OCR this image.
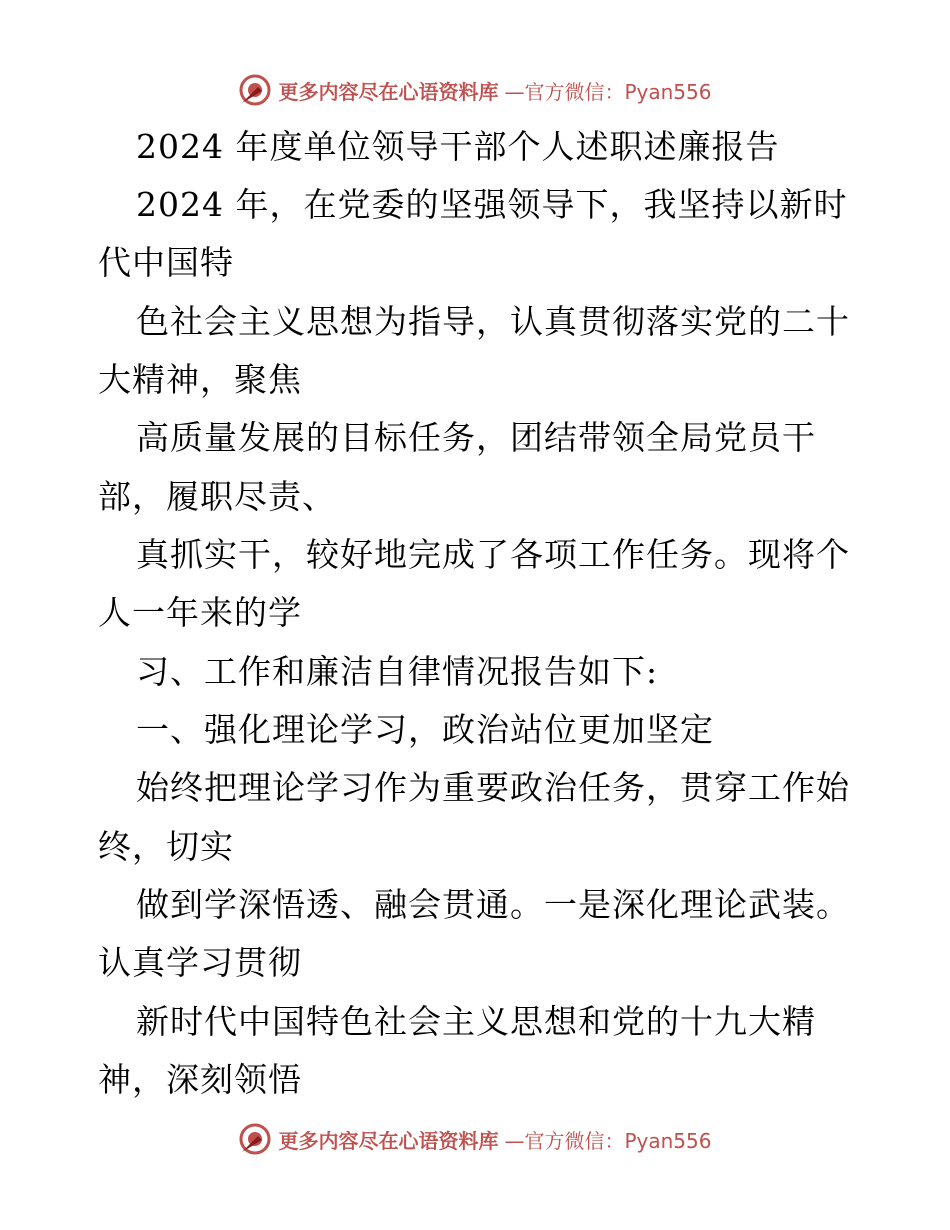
更多内容尽在心语资料库 —官方微信：Pyan556
2024 年度单位领导干部个人述职述廉报告
2024 年，在党委的坚强领导下，我坚持以新时
代中国特
色社会主义思想为指导，认真贯彻落实党的二十
大精神，聚焦
高质量发展的目标任务，团结带领全局党员干
部，履职尽责、
真抓实干，较好地完成了各项工作任务。现将个
人一年来的学
习、工作和廉洁自律情况报告如下:
一、强化理论学习，政治站位更加坚定
始终把理论学习作为重要政治任务，贯穿工作始
终，切实
做到学深悟透、融会贯通。一是深化理论武装。
认真学习贯彻
新时代中国特色社会主义思想和党的十九大精
神，深刻领悟
更多内容尽在心语资料库 —官方微信：Pyan556
